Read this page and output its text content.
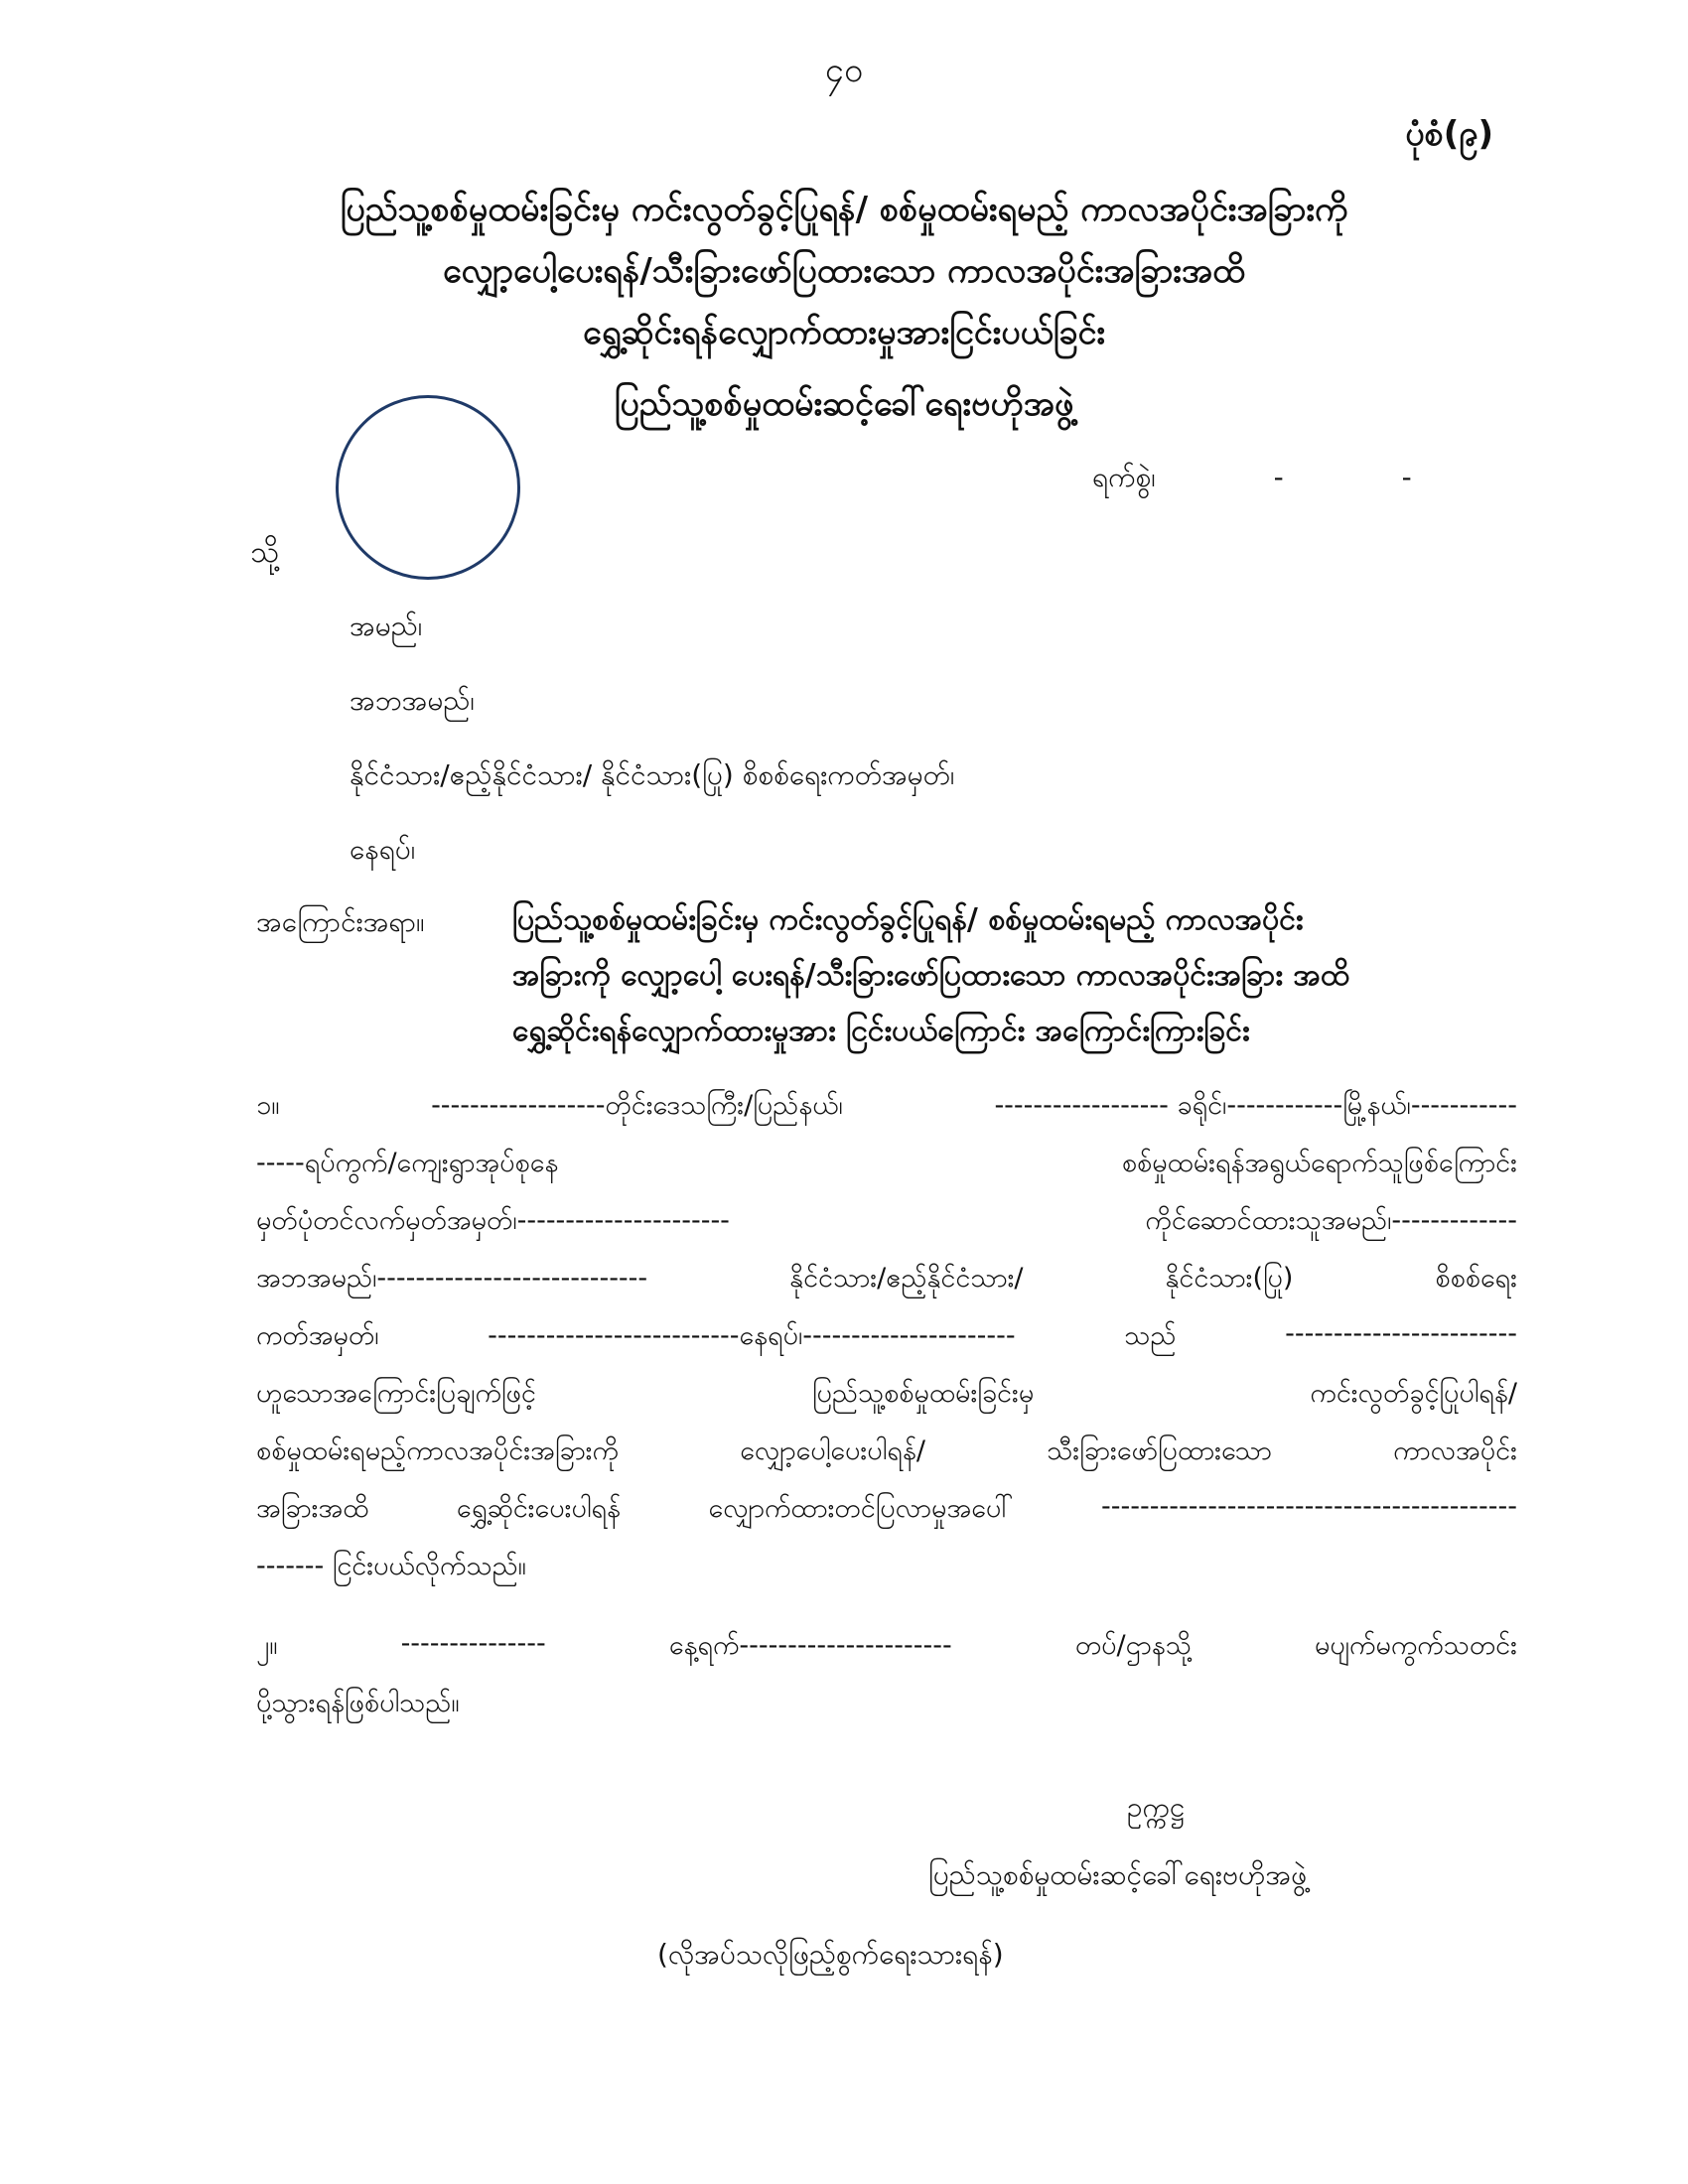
၄၀
ပုံစံ(၉)
ပြည်သူ့စစ်မှုထမ်းခြင်းမှ ကင်းလွတ်ခွင့်ပြုရန်/ စစ်မှုထမ်းရမည့် ကာလအပိုင်းအခြားကို
လျှော့ပေါ့ပေးရန်/သီးခြားဖော်ပြထားသော ကာလအပိုင်းအခြားအထိ
ရွှေ့ဆိုင်းရန်လျှောက်ထားမှုအားငြင်းပယ်ခြင်း
ပြည်သူ့စစ်မှုထမ်းဆင့်ခေါ်ရေးဗဟိုအဖွဲ့
ရက်စွဲ၊	-	-
သို့
အမည်၊
အဘအမည်၊
နိုင်ငံသား/ဧည့်နိုင်ငံသား/ နိုင်ငံသား(ပြု) စိစစ်ရေးကတ်အမှတ်၊
နေရပ်၊
အကြောင်းအရာ။	ပြည်သူ့စစ်မှုထမ်းခြင်းမှ ကင်းလွတ်ခွင့်ပြုရန်/ စစ်မှုထမ်းရမည့် ကာလအပိုင်း
အခြားကို လျှော့ပေါ့ ပေးရန်/သီးခြားဖော်ပြထားသော ကာလအပိုင်းအခြား အထိ
ရွှေ့ဆိုင်းရန်လျှောက်ထားမှုအား ငြင်းပယ်ကြောင်း အကြောင်းကြားခြင်း
၁။	------------------တိုင်းဒေသကြီး/ပြည်နယ်၊	------------------ ခရိုင်၊------------မြို့နယ်၊-----------
-----ရပ်ကွက်/ကျေးရွာအုပ်စုနေ	စစ်မှုထမ်းရန်အရွယ်ရောက်သူဖြစ်ကြောင်း
မှတ်ပုံတင်လက်မှတ်အမှတ်၊----------------------	ကိုင်ဆောင်ထားသူအမည်၊-------------
အဘအမည်၊----------------------------	နိုင်ငံသား/ဧည့်နိုင်ငံသား/	နိုင်ငံသား(ပြု)	စိစစ်ရေး
ကတ်အမှတ်၊	--------------------------နေရပ်၊----------------------	သည်	------------------------
ဟူသောအကြောင်းပြချက်ဖြင့်	ပြည်သူ့စစ်မှုထမ်းခြင်းမှ	ကင်းလွတ်ခွင့်ပြုပါရန်/
စစ်မှုထမ်းရမည့်ကာလအပိုင်းအခြားကို	လျှော့ပေါ့ပေးပါရန်/	သီးခြားဖော်ပြထားသော	ကာလအပိုင်း
အခြားအထိ	ရွှေ့ဆိုင်းပေးပါရန်	လျှောက်ထားတင်ပြလာမှုအပေါ်	-------------------------------------------
------- ငြင်းပယ်လိုက်သည်။
၂။	---------------	နေ့ရက်----------------------	တပ်/ဌာနသို့	မပျက်မကွက်သတင်း
ပို့သွားရန်ဖြစ်ပါသည်။
ဥက္ကဋ္ဌ
ပြည်သူ့စစ်မှုထမ်းဆင့်ခေါ်ရေးဗဟိုအဖွဲ့
(လိုအပ်သလိုဖြည့်စွက်ရေးသားရန်)
